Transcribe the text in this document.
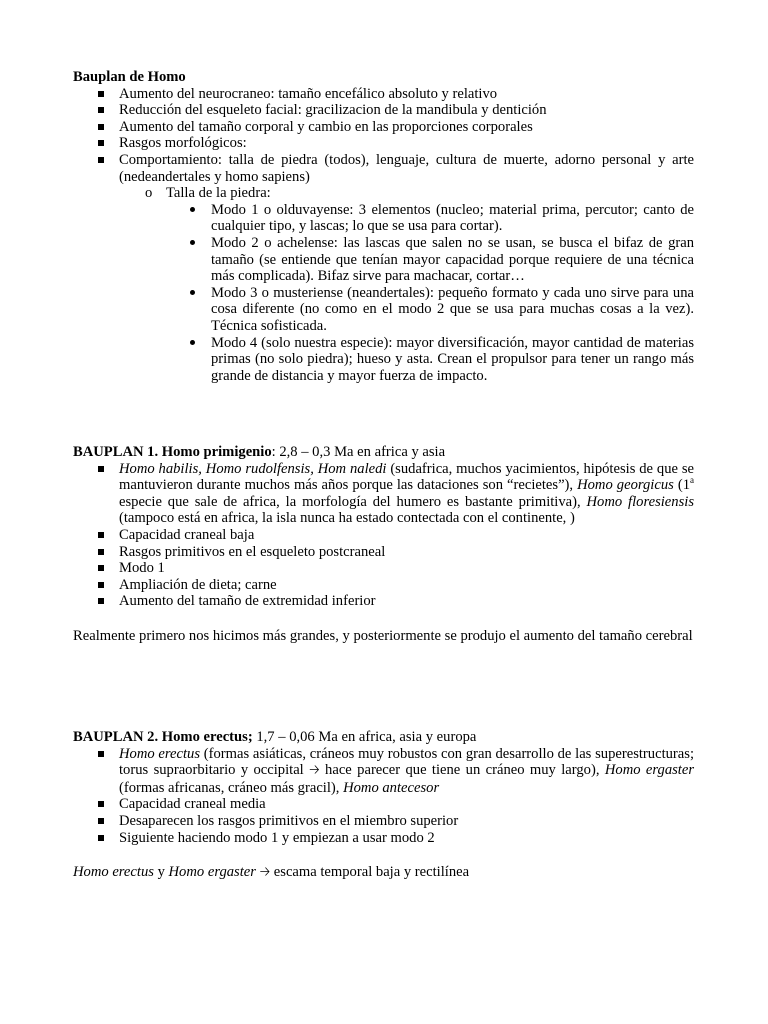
Bauplan de Homo
Aumento del neurocraneo: tamaño encefálico absoluto y relativo
Reducción del esqueleto facial: gracilizacion de la mandibula y dentición
Aumento del tamaño corporal y cambio en las proporciones corporales
Rasgos morfológicos:
Comportamiento: talla de piedra (todos), lenguaje, cultura de muerte, adorno personal y arte (nedeandertales y homo sapiens)
o Talla de la piedra:
Modo 1 o olduvayense: 3 elementos (nucleo; material prima, percutor; canto de cualquier tipo, y lascas; lo que se usa para cortar).
Modo 2 o achelense: las lascas que salen no se usan, se busca el bifaz de gran tamaño (se entiende que tenían mayor capacidad porque requiere de una técnica más complicada). Bifaz sirve para machacar, cortar…
Modo 3 o musteriense (neandertales): pequeño formato y cada uno sirve para una cosa diferente (no como en el modo 2 que se usa para muchas cosas a la vez). Técnica sofisticada.
Modo 4 (solo nuestra especie): mayor diversificación, mayor cantidad de materias primas (no solo piedra); hueso y asta. Crean el propulsor para tener un rango más grande de distancia y mayor fuerza de impacto.
BAUPLAN 1. Homo primigenio: 2,8 – 0,3 Ma en africa y asia
Homo habilis, Homo rudolfensis, Hom naledi (sudafrica, muchos yacimientos, hipótesis de que se mantuvieron durante muchos más años porque las dataciones son “recietes”), Homo georgicus (1$^a$ especie que sale de africa, la morfología del humero es bastante primitiva), Homo floresiensis (tampoco está en africa, la isla nunca ha estado contectada con el continente, )
Capacidad craneal baja
Rasgos primitivos en el esqueleto postcraneal
Modo 1
Ampliación de dieta; carne
Aumento del tamaño de extremidad inferior

Realmente primero nos hicimos más grandes, y posteriormente se produjo el aumento del tamaño cerebral

BAUPLAN 2. Homo erectus; 1,7 – 0,06 Ma en africa, asia y europa
Homo erectus (formas asiáticas, cráneos muy robustos con gran desarrollo de las superestructuras; torus supraorbitario y occipital 🡢 hace parecer que tiene un cráneo muy largo), Homo ergaster (formas africanas, cráneo más gracil), Homo antecesor
Capacidad craneal media
Desaparecen los rasgos primitivos en el miembro superior
Siguiente haciendo modo 1 y empiezan a usar modo 2

Homo erectus y Homo ergaster 🡢 escama temporal baja y rectilínea
